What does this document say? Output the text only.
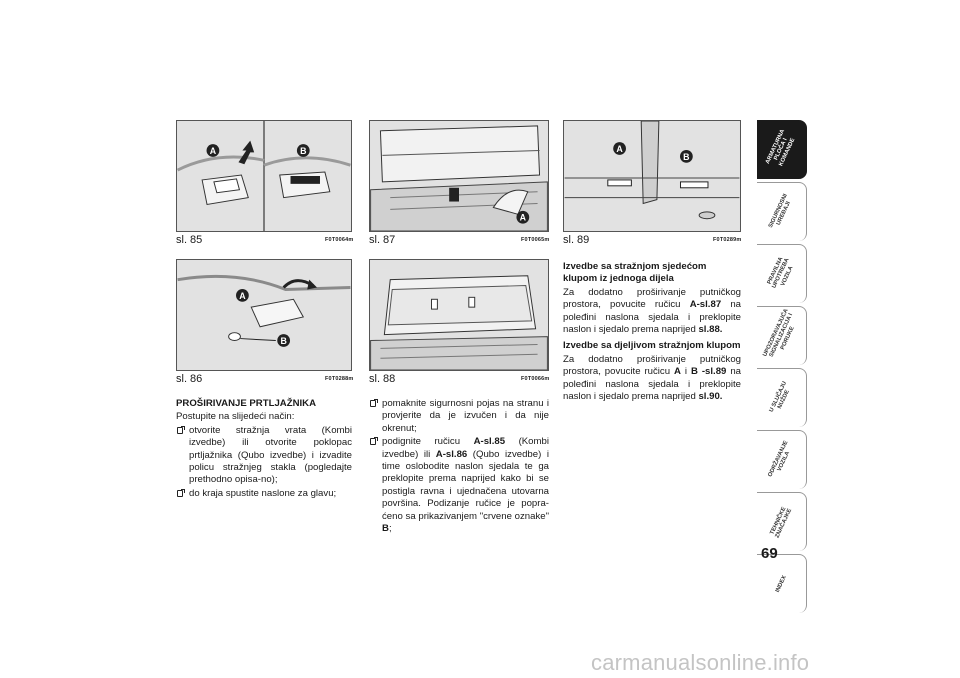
A	B
sl. 85	F0T0064m
A
sl. 87	F0T0065m
A
B
sl. 89	F0T0289m
A
B
sl. 86	F0T0288m sl. 88	F0T0066m
PROŠIRIVANJE PRTLJAŽNIKA

Postupite na slijedeći način:

otvorite stražnja vrata (Kombi izvedbe) ili otvorite poklopac prtljažnika (Qubo izvedbe) i izvadite policu stražnjeg stakla (pogledajte prethodno opisa-no);
do kraja spustite naslone za glavu;
pomaknite sigurnosni pojas na stranu i provjerite da je izvučen i da nije okrenut;
podignite ručicu A-sl.85 (Kombi izvedbe) ili A-sl.86 (Qubo izvedbe) i time oslobodite naslon sjedala te ga preklopite prema naprijed kako bi se postigla ravna i ujednačena utovarna površina. Podizanje ručice je popra-ćeno sa prikazivanjem "crvene oznake" B;
Izvedbe sa stražnjom sjedećom klupom iz jednoga dijela

Za dodatno proširivanje putničkog prostora, povucite ručicu A-sl.87 na poleđini naslona sjedala i preklopite naslon i sjedalo prema naprijed sl.88.

Izvedbe sa djeljivom stražnjom klupom

Za dodatno proširivanje putničkog prostora, povucite ručicu A i B -sl.89 na poleđini naslona sjedala i preklopite naslon i sjedalo prema naprijed sl.90.

ARMATURNA
PLOČA I
KOMANDE
SIGURNOSNI
UREĐAJI
PRAVILNA
UPOTREBA
VOZILA
UPOZORAVAJUĆA
SIGNALIZACIJA I
PORUKE
U SLUČAJU
NUŽDE
ODRŽAVANJE
VOZILA
TEHNIČKE
ZNAČAJKE
INDEX
69
carmanualsonline.info
